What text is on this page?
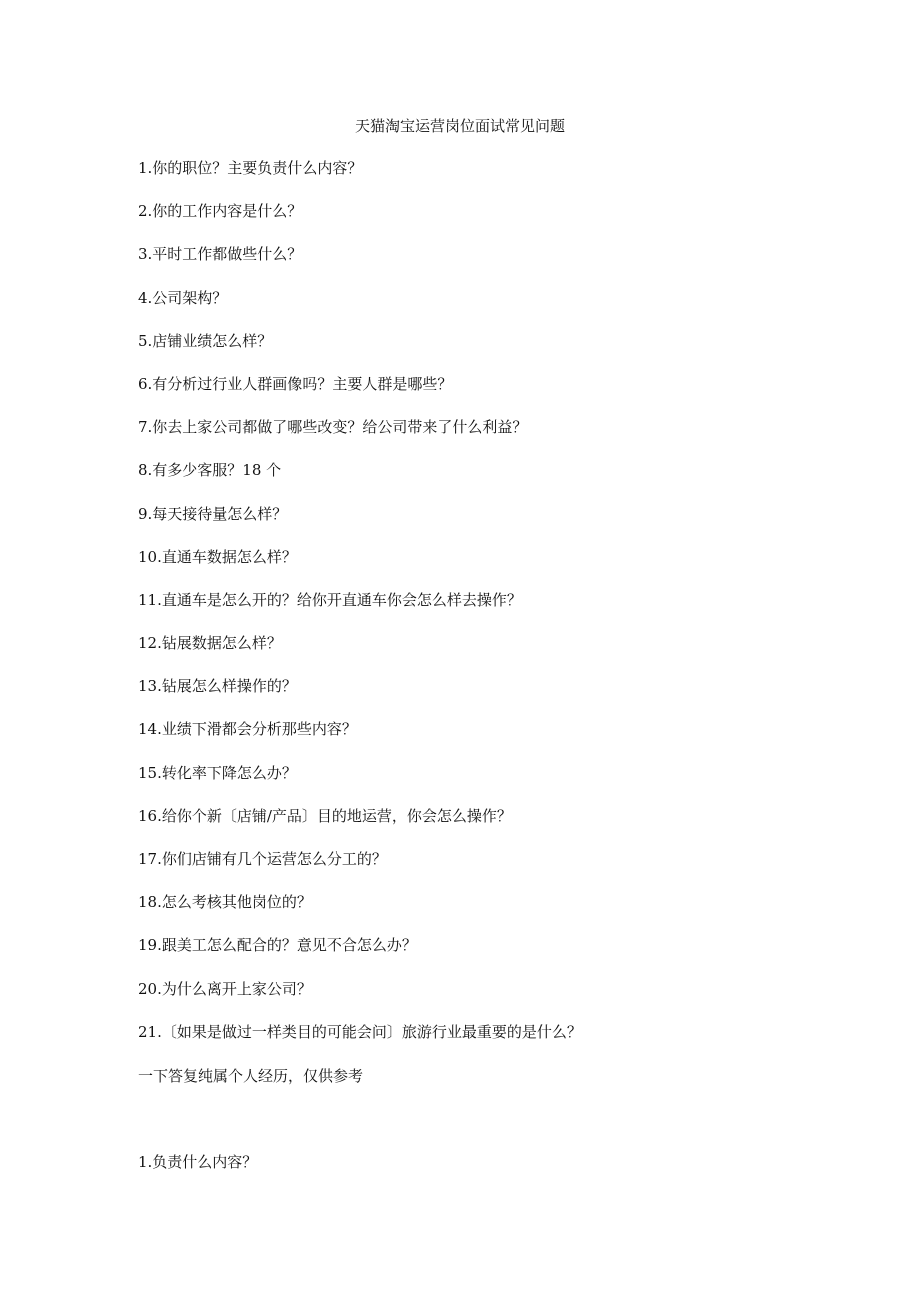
天猫淘宝运营岗位面试常见问题
1.你的职位？主要负责什么内容？
2.你的工作内容是什么？
3.平时工作都做些什么？
4.公司架构？
5.店铺业绩怎么样？
6.有分析过行业人群画像吗？主要人群是哪些？
7.你去上家公司都做了哪些改变？给公司带来了什么利益？
8.有多少客服？18 个
9.每天接待量怎么样？
10.直通车数据怎么样？
11.直通车是怎么开的？给你开直通车你会怎么样去操作？
12.钻展数据怎么样？
13.钻展怎么样操作的？
14.业绩下滑都会分析那些内容？
15.转化率下降怎么办？
16.给你个新〔店铺/产品〕目的地运营，你会怎么操作？
17.你们店铺有几个运营怎么分工的？
18.怎么考核其他岗位的？
19.跟美工怎么配合的？意见不合怎么办？
20.为什么离开上家公司？
21.〔如果是做过一样类目的可能会问〕旅游行业最重要的是什么？
一下答复纯属个人经历，仅供参考
1.负责什么内容？
